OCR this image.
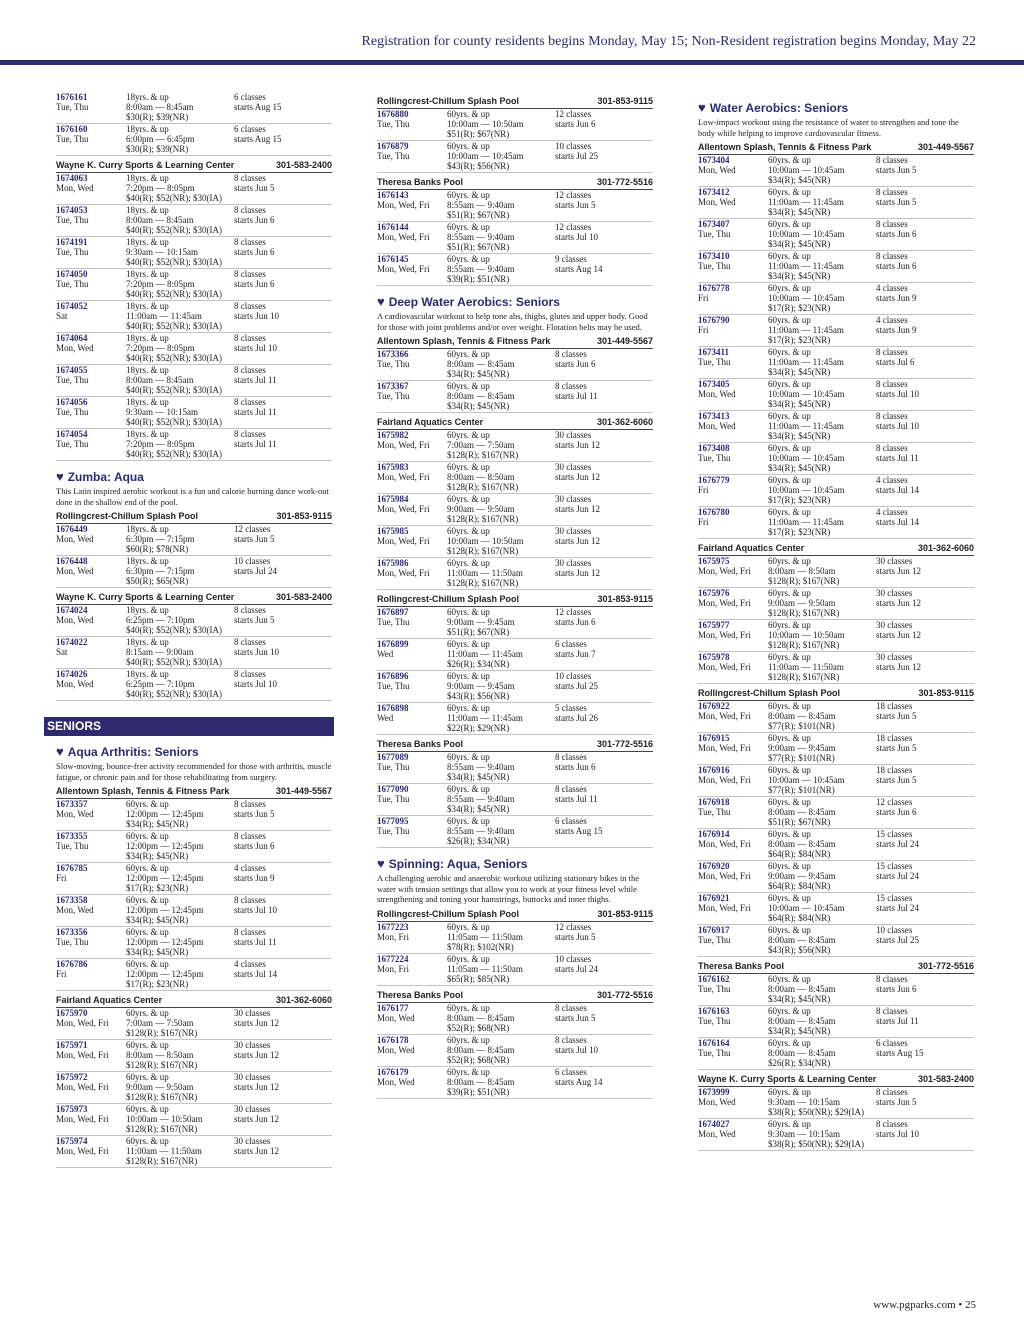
Registration for county residents begins Monday, May 15; Non-Resident registration begins Monday, May 22
1676161	18yrs. & up	6 classes
Tue, Thu	8:00am — 8:45am	starts Aug 15
$30(R); $39(NR)
1676160	18yrs. & up	6 classes
Tue, Thu	6:00pm — 6:45pm	starts Aug 15
$30(R); $39(NR)
Wayne K. Curry Sports & Learning Center	301-583-2400
1674063	18yrs. & up	8 classes
Mon, Wed	7:20pm — 8:05pm	starts Jun 5
$40(R); $52(NR); $30(IA)
1674053	18yrs. & up	8 classes
Tue, Thu	8:00am — 8:45am	starts Jun 6
$40(R); $52(NR); $30(IA)
1674191	18yrs. & up	8 classes
Tue, Thu	9:30am — 10:15am	starts Jun 6
$40(R); $52(NR); $30(IA)
1674050	18yrs. & up	8 classes
Tue, Thu	7:20pm — 8:05pm	starts Jun 6
$40(R); $52(NR); $30(IA)
1674052	18yrs. & up	8 classes
Sat	11:00am — 11:45am	starts Jun 10
$40(R); $52(NR); $30(IA)
1674064	18yrs. & up	8 classes
Mon, Wed	7:20pm — 8:05pm	starts Jul 10
$40(R); $52(NR); $30(IA)
1674055	18yrs. & up	8 classes
Tue, Thu	8:00am — 8:45am	starts Jul 11
$40(R); $52(NR); $30(IA)
1674056	18yrs. & up	8 classes
Tue, Thu	9:30am — 10:15am	starts Jul 11
$40(R); $52(NR); $30(IA)
1674054	18yrs. & up	8 classes
Tue, Thu	7:20pm — 8:05pm	starts Jul 11
$40(R); $52(NR); $30(IA)
♥ Zumba: Aqua
This Latin inspired aerobic workout is a fun and calorie burning dance work-out done in the shallow end of the pool.
Rollingcrest-Chillum Splash Pool	301-853-9115
1676449	18yrs. & up	12 classes
Mon, Wed	6:30pm — 7:15pm	starts Jun 5
$60(R); $78(NR)
1676448	18yrs. & up	10 classes
Mon, Wed	6:30pm — 7:15pm	starts Jul 24
$50(R); $65(NR)
Wayne K. Curry Sports & Learning Center	301-583-2400
1674024	18yrs. & up	8 classes
Mon, Wed	6:25pm — 7:10pm	starts Jun 5
$40(R); $52(NR); $30(IA)
1674022	18yrs. & up	8 classes
Sat	8:15am — 9:00am	starts Jun 10
$40(R); $52(NR); $30(IA)
1674026	18yrs. & up	8 classes
Mon, Wed	6:25pm — 7:10pm	starts Jul 10
$40(R); $52(NR); $30(IA)
SENIORS
♥ Aqua Arthritis: Seniors
Slow-moving, bounce-free activity recommended for those with arthritis, muscle fatigue, or chronic pain and for those rehabilitating from surgery.
Allentown Splash, Tennis & Fitness Park	301-449-5567
1673357	60yrs. & up	8 classes
Mon, Wed	12:00pm — 12:45pm	starts Jun 5
$34(R); $45(NR)
1673355	60yrs. & up	8 classes
Tue, Thu	12:00pm — 12:45pm	starts Jun 6
$34(R); $45(NR)
1676785	60yrs. & up	4 classes
Fri	12:00pm — 12:45pm	starts Jun 9
$17(R); $23(NR)
1673358	60yrs. & up	8 classes
Mon, Wed	12:00pm — 12:45pm	starts Jul 10
$34(R); $45(NR)
1673356	60yrs. & up	8 classes
Tue, Thu	12:00pm — 12:45pm	starts Jul 11
$34(R); $45(NR)
1676786	60yrs. & up	4 classes
Fri	12:00pm — 12:45pm	starts Jul 14
$17(R); $23(NR)
Fairland Aquatics Center	301-362-6060
1675970	60yrs. & up	30 classes
Mon, Wed, Fri	7:00am — 7:50am	starts Jun 12
$128(R); $167(NR)
1675971	60yrs. & up	30 classes
Mon, Wed, Fri	8:00am — 8:50am	starts Jun 12
$128(R); $167(NR)
1675972	60yrs. & up	30 classes
Mon, Wed, Fri	9:00am — 9:50am	starts Jun 12
$128(R); $167(NR)
1675973	60yrs. & up	30 classes
Mon, Wed, Fri	10:00am — 10:50am	starts Jun 12
$128(R); $167(NR)
1675974	60yrs. & up	30 classes
Mon, Wed, Fri	11:00am — 11:50am	starts Jun 12
$128(R); $167(NR)
Rollingcrest-Chillum Splash Pool	301-853-9115
1676880	60yrs. & up	12 classes
Tue, Thu	10:00am — 10:50am	starts Jun 6
$51(R); $67(NR)
1676879	60yrs. & up	10 classes
Tue, Thu	10:00am — 10:45am	starts Jul 25
$43(R); $56(NR)
Theresa Banks Pool	301-772-5516
1676143	60yrs. & up	12 classes
Mon, Wed, Fri	8:55am — 9:40am	starts Jun 5
$51(R); $67(NR)
1676144	60yrs. & up	12 classes
Mon, Wed, Fri	8:55am — 9:40am	starts Jul 10
$51(R); $67(NR)
1676145	60yrs. & up	9 classes
Mon, Wed, Fri	8:55am — 9:40am	starts Aug 14
$39(R); $51(NR)
♥ Deep Water Aerobics: Seniors
A cardiovascular workout to help tone abs, thighs, glutes and upper body. Good for those with joint problems and/or over weight. Flotation belts may be used.
Allentown Splash, Tennis & Fitness Park	301-449-5567
1673366	60yrs. & up	8 classes
Tue, Thu	8:00am — 8:45am	starts Jun 6
$34(R); $45(NR)
1673367	60yrs. & up	8 classes
Tue, Thu	8:00am — 8:45am	starts Jul 11
$34(R); $45(NR)
Fairland Aquatics Center	301-362-6060
1675982	60yrs. & up	30 classes
Mon, Wed, Fri	7:00am — 7:50am	starts Jun 12
$128(R); $167(NR)
1675983	60yrs. & up	30 classes
Mon, Wed, Fri	8:00am — 8:50am	starts Jun 12
$128(R); $167(NR)
1675984	60yrs. & up	30 classes
Mon, Wed, Fri	9:00am — 9:50am	starts Jun 12
$128(R); $167(NR)
1675985	60yrs. & up	30 classes
Mon, Wed, Fri	10:00am — 10:50am	starts Jun 12
$128(R); $167(NR)
1675986	60yrs. & up	30 classes
Mon, Wed, Fri	11:00am — 11:50am	starts Jun 12
$128(R); $167(NR)
Rollingcrest-Chillum Splash Pool	301-853-9115
1676897	60yrs. & up	12 classes
Tue, Thu	9:00am — 9:45am	starts Jun 6
$51(R); $67(NR)
1676899	60yrs. & up	6 classes
Wed	11:00am — 11:45am	starts Jun 7
$26(R); $34(NR)
1676896	60yrs. & up	10 classes
Tue, Thu	9:00am — 9:45am	starts Jul 25
$43(R); $56(NR)
1676898	60yrs. & up	5 classes
Wed	11:00am — 11:45am	starts Jul 26
$22(R); $29(NR)
Theresa Banks Pool	301-772-5516
1677089	60yrs. & up	8 classes
Tue, Thu	8:55am — 9:40am	starts Jun 6
$34(R); $45(NR)
1677090	60yrs. & up	8 classes
Tue, Thu	8:55am — 9:40am	starts Jul 11
$34(R); $45(NR)
1677095	60yrs. & up	6 classes
Tue, Thu	8:55am — 9:40am	starts Aug 15
$26(R); $34(NR)
♥ Spinning: Aqua, Seniors
A challenging aerobic and anaerobic workout utilizing stationary bikes in the water with tension settings that allow you to work at your fitness level while strengthening and toning your hamstrings, buttocks and inner thighs.
Rollingcrest-Chillum Splash Pool	301-853-9115
1677223	60yrs. & up	12 classes
Mon, Fri	11:05am — 11:50am	starts Jun 5
$78(R); $102(NR)
1677224	60yrs. & up	10 classes
Mon, Fri	11:05am — 11:50am	starts Jul 24
$65(R); $85(NR)
Theresa Banks Pool	301-772-5516
1676177	60yrs. & up	8 classes
Mon, Wed	8:00am — 8:45am	starts Jun 5
$52(R); $68(NR)
1676178	60yrs. & up	8 classes
Mon, Wed	8:00am — 8:45am	starts Jul 10
$52(R); $68(NR)
1676179	60yrs. & up	6 classes
Mon, Wed	8:00am — 8:45am	starts Aug 14
$39(R); $51(NR)
♥ Water Aerobics: Seniors
Low-impact workout using the resistance of water to strengthen and tone the body while helping to improve cardiovascular fitness.
Allentown Splash, Tennis & Fitness Park	301-449-5567
1673404	60yrs. & up	8 classes
Mon, Wed	10:00am — 10:45am	starts Jun 5
$34(R); $45(NR)
1673412	60yrs. & up	8 classes
Mon, Wed	11:00am — 11:45am	starts Jun 5
$34(R); $45(NR)
1673407	60yrs. & up	8 classes
Tue, Thu	10:00am — 10:45am	starts Jun 6
$34(R); $45(NR)
1673410	60yrs. & up	8 classes
Tue, Thu	11:00am — 11:45am	starts Jun 6
$34(R); $45(NR)
1676778	60yrs. & up	4 classes
Fri	10:00am — 10:45am	starts Jun 9
$17(R); $23(NR)
1676790	60yrs. & up	4 classes
Fri	11:00am — 11:45am	starts Jun 9
$17(R); $23(NR)
1673411	60yrs. & up	8 classes
Tue, Thu	11:00am — 11:45am	starts Jul 6
$34(R); $45(NR)
1673405	60yrs. & up	8 classes
Mon, Wed	10:00am — 10:45am	starts Jul 10
$34(R); $45(NR)
1673413	60yrs. & up	8 classes
Mon, Wed	11:00am — 11:45am	starts Jul 10
$34(R); $45(NR)
1673408	60yrs. & up	8 classes
Tue, Thu	10:00am — 10:45am	starts Jul 11
$34(R); $45(NR)
1676779	60yrs. & up	4 classes
Fri	10:00am — 10:45am	starts Jul 14
$17(R); $23(NR)
1676780	60yrs. & up	4 classes
Fri	11:00am — 11:45am	starts Jul 14
$17(R); $23(NR)
Fairland Aquatics Center	301-362-6060
1675975	60yrs. & up	30 classes
Mon, Wed, Fri	8:00am — 8:50am	starts Jun 12
$128(R); $167(NR)
1675976	60yrs. & up	30 classes
Mon, Wed, Fri	9:00am — 9:50am	starts Jun 12
$128(R); $167(NR)
1675977	60yrs. & up	30 classes
Mon, Wed, Fri	10:00am — 10:50am	starts Jun 12
$128(R); $167(NR)
1675978	60yrs. & up	30 classes
Mon, Wed, Fri	11:00am — 11:50am	starts Jun 12
$128(R); $167(NR)
Rollingcrest-Chillum Splash Pool	301-853-9115
1676922	60yrs. & up	18 classes
Mon, Wed, Fri	8:00am — 8:45am	starts Jun 5
$77(R); $101(NR)
1676915	60yrs. & up	18 classes
Mon, Wed, Fri	9:00am — 9:45am	starts Jun 5
$77(R); $101(NR)
1676916	60yrs. & up	18 classes
Mon, Wed, Fri	10:00am — 10:45am	starts Jun 5
$77(R); $101(NR)
1676918	60yrs. & up	12 classes
Tue, Thu	8:00am — 8:45am	starts Jun 6
$51(R); $67(NR)
1676914	60yrs. & up	15 classes
Mon, Wed, Fri	8:00am — 8:45am	starts Jul 24
$64(R); $84(NR)
1676920	60yrs. & up	15 classes
Mon, Wed, Fri	9:00am — 9:45am	starts Jul 24
$64(R); $84(NR)
1676921	60yrs. & up	15 classes
Mon, Wed, Fri	10:00am — 10:45am	starts Jul 24
$64(R); $84(NR)
1676917	60yrs. & up	10 classes
Tue, Thu	8:00am — 8:45am	starts Jul 25
$43(R); $56(NR)
Theresa Banks Pool	301-772-5516
1676162	60yrs. & up	8 classes
Tue, Thu	8:00am — 8:45am	starts Jun 6
$34(R); $45(NR)
1676163	60yrs. & up	8 classes
Tue, Thu	8:00am — 8:45am	starts Jul 11
$34(R); $45(NR)
1676164	60yrs. & up	6 classes
Tue, Thu	8:00am — 8:45am	starts Aug 15
$26(R); $34(NR)
Wayne K. Curry Sports & Learning Center	301-583-2400
1673999	60yrs. & up	8 classes
Mon, Wed	9:30am — 10:15am	starts Jun 5
$38(R); $50(NR); $29(IA)
1674027	60yrs. & up	8 classes
Mon, Wed	9:30am — 10:15am	starts Jul 10
$38(R); $50(NR); $29(IA)
www.pgparks.com • 25
